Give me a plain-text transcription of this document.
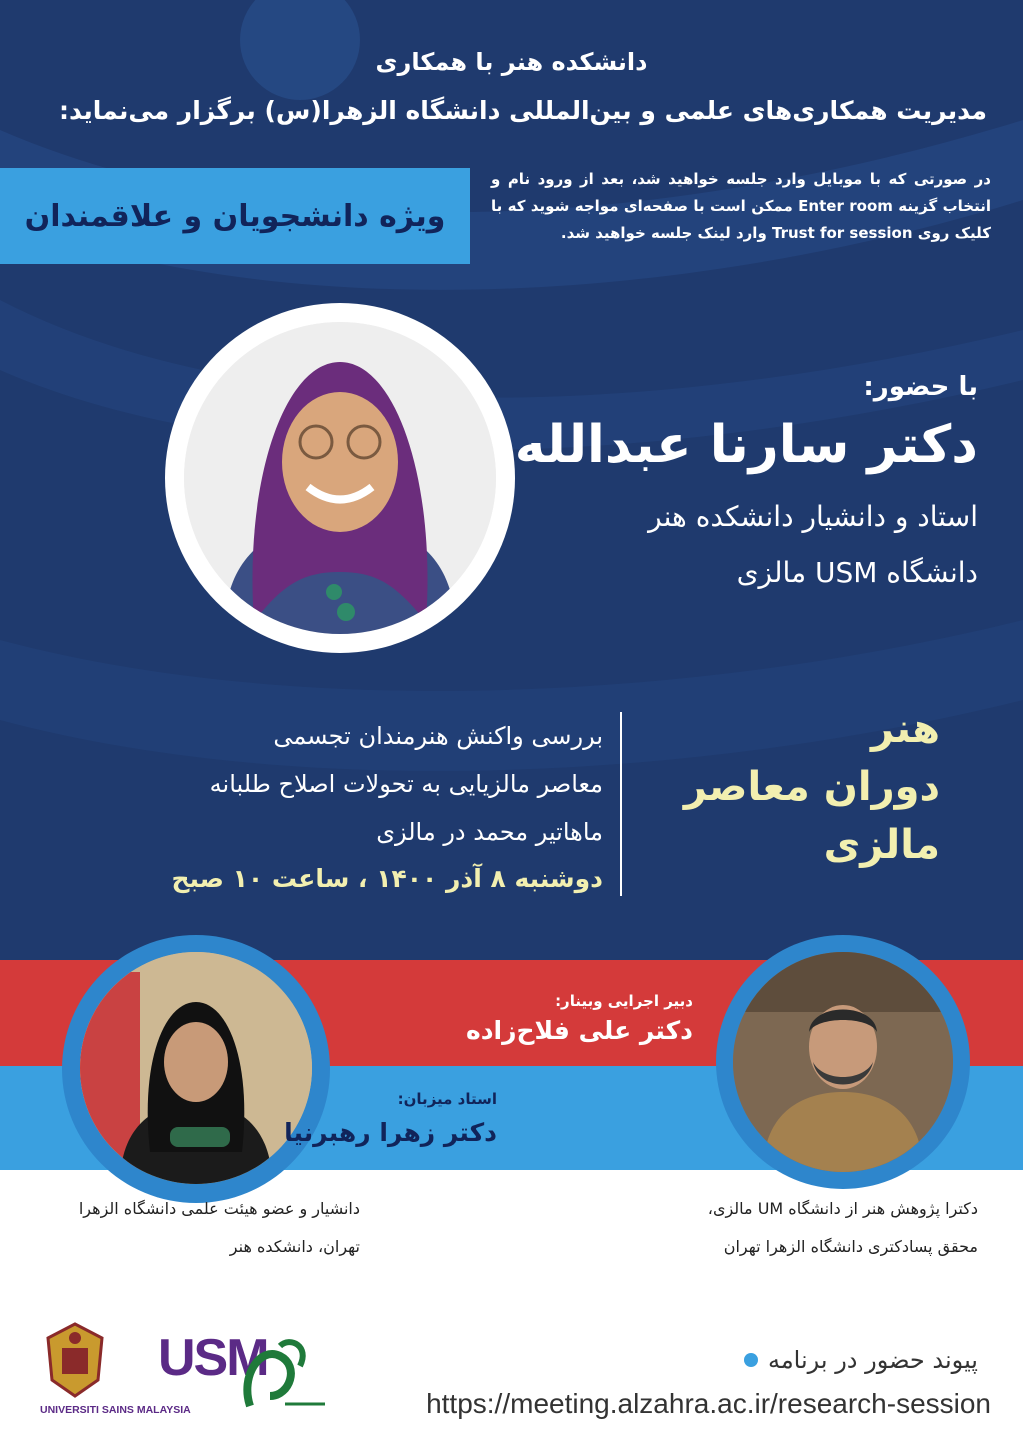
دانشکده هنر با همکاری
مدیریت همکاری‌های علمی و بین‌المللی دانشگاه الزهرا(س) برگزار می‌نماید:
ویژه دانشجویان و علاقمندان
در صورتی که با موبایل وارد جلسه خواهید شد، بعد از ورود نام و انتخاب گزینه Enter room ممکن است با صفحه‌ای مواجه شوید که با کلیک روی Trust for session وارد لینک جلسه خواهید شد.
با حضور:
دکتر سارنا عبدالله
استاد و دانشیار دانشکده هنر
دانشگاه USM مالزی
هنر
دوران معاصر
مالزی
بررسی واکنش هنرمندان تجسمی
معاصر مالزیایی به تحولات اصلاح طلبانه
ماهاتیر محمد در مالزی
دوشنبه ۸ آذر ۱۴۰۰ ، ساعت ۱۰ صبح
دبیر اجرایی وبینار:
دکتر علی فلاح‌زاده
استاد میزبان:
دکتر زهرا رهبرنیا
دانشیار و عضو هیئت علمی دانشگاه الزهرا تهران، دانشکده هنر
دکترا پژوهش هنر از دانشگاه UM مالزی، محقق پسادکتری دانشگاه الزهرا تهران
USM
UNIVERSITI SAINS MALAYSIA
پیوند حضور در برنامه
https://meeting.alzahra.ac.ir/research-session
